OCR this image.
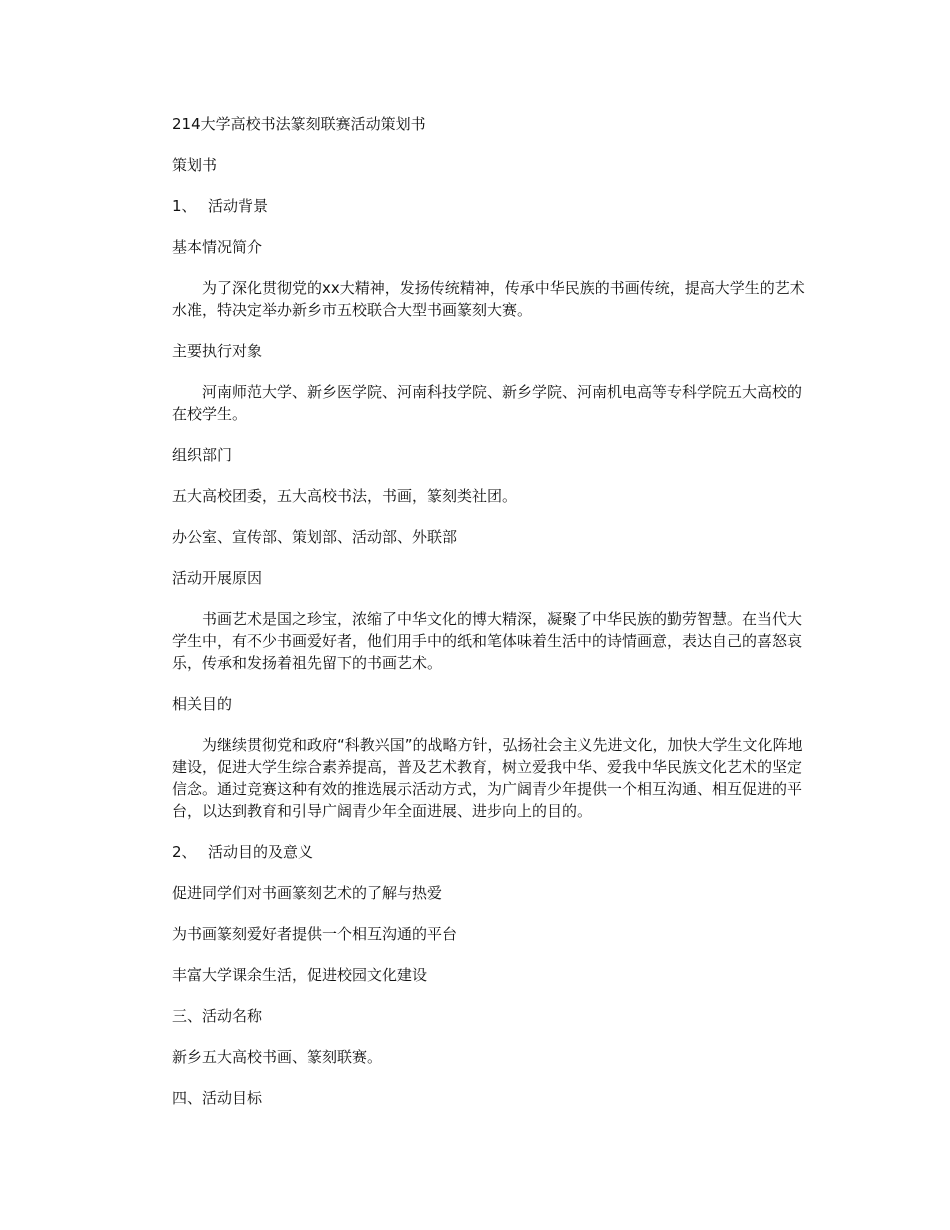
214大学高校书法篆刻联赛活动策划书

策划书

1、 活动背景

基本情况简介

为了深化贯彻党的xx大精神，发扬传统精神，传承中华民族的书画传统，提高大学生的艺术水准，特决定举办新乡市五校联合大型书画篆刻大赛。

主要执行对象

河南师范大学、新乡医学院、河南科技学院、新乡学院、河南机电高等专科学院五大高校的在校学生。

组织部门

五大高校团委，五大高校书法，书画，篆刻类社团。

办公室、宣传部、策划部、活动部、外联部

活动开展原因

书画艺术是国之珍宝，浓缩了中华文化的博大精深，凝聚了中华民族的勤劳智慧。在当代大学生中，有不少书画爱好者，他们用手中的纸和笔体味着生活中的诗情画意，表达自己的喜怒哀乐，传承和发扬着祖先留下的书画艺术。

相关目的

为继续贯彻党和政府“科教兴国”的战略方针，弘扬社会主义先进文化，加快大学生文化阵地建设，促进大学生综合素养提高，普及艺术教育，树立爱我中华、爱我中华民族文化艺术的坚定信念。通过竞赛这种有效的推选展示活动方式，为广阔青少年提供一个相互沟通、相互促进的平台，以达到教育和引导广阔青少年全面进展、进步向上的目的。

2、 活动目的及意义

促进同学们对书画篆刻艺术的了解与热爱

为书画篆刻爱好者提供一个相互沟通的平台

丰富大学课余生活，促进校园文化建设

三、活动名称

新乡五大高校书画、篆刻联赛。

四、活动目标
